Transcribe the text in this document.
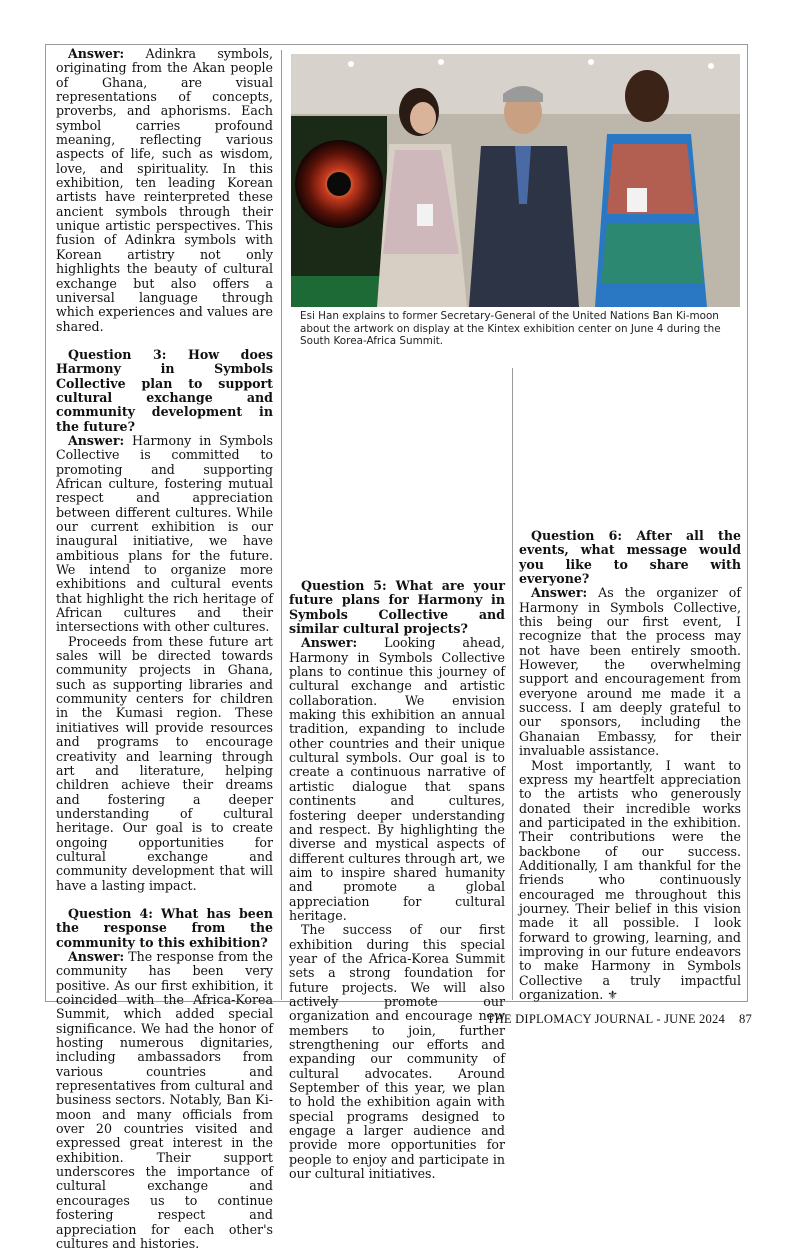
Answer: Adinkra symbols, originating from the Akan people of Ghana, are visual representations of concepts, proverbs, and aphorisms. Each symbol carries profound meaning, reflecting various aspects of life, such as wisdom, love, and spirituality. In this exhibition, ten leading Korean artists have reinterpreted these ancient symbols through their unique artistic perspectives. This fusion of Adinkra symbols with Korean artistry not only highlights the beauty of cultural exchange but also offers a universal language through which experiences and values are shared.

Question 3: How does Harmony in Symbols Collective plan to support cultural exchange and community development in the future?

Answer: Harmony in Symbols Collective is committed to promoting and supporting African culture, fostering mutual respect and appreciation between different cultures. While our current exhibition is our inaugural initiative, we have ambitious plans for the future. We intend to organize more exhibitions and cultural events that highlight the rich heritage of African cultures and their intersections with other cultures.

Proceeds from these future art sales will be directed towards community projects in Ghana, such as supporting libraries and community centers for children in the Kumasi region. These initiatives will provide resources and programs to encourage creativity and learning through art and literature, helping children achieve their dreams and fostering a deeper understanding of cultural heritage. Our goal is to create ongoing opportunities for cultural exchange and community development that will have a lasting impact.

Question 4: What has been the response from the community to this exhibition?

Answer: The response from the community has been very positive. As our first exhibition, it coincided with the Africa-Korea Summit, which added special significance. We had the honor of hosting numerous dignitaries, including ambassadors from various countries and representatives from cultural and business sectors. Notably, Ban Ki-moon and many officials from over 20 countries visited and expressed great interest in the exhibition. Their support underscores the importance of cultural exchange and encourages us to continue fostering respect and appreciation for each other's cultures and histories.

Esi Han explains to former Secretary-General of the United Nations Ban Ki-moon about the artwork on display at the Kintex exhibition center on June 4 during the South Korea-Africa Summit.

Question 5: What are your future plans for Harmony in Symbols Collective and similar cultural projects?

Answer: Looking ahead, Harmony in Symbols Collective plans to continue this journey of cultural exchange and artistic collaboration. We envision making this exhibition an annual tradition, expanding to include other countries and their unique cultural symbols. Our goal is to create a continuous narrative of artistic dialogue that spans continents and cultures, fostering deeper understanding and respect. By highlighting the diverse and mystical aspects of different cultures through art, we aim to inspire shared humanity and promote a global appreciation for cultural heritage.

The success of our first exhibition during this special year of the Africa-Korea Summit sets a strong foundation for future projects. We will also actively promote our organization and encourage new members to join, further strengthening our efforts and expanding our community of cultural advocates. Around September of this year, we plan to hold the exhibition again with special programs designed to engage a larger audience and provide more opportunities for people to enjoy and participate in our cultural initiatives.

Question 6: After all the events, what message would you like to share with everyone?

Answer: As the organizer of Harmony in Symbols Collective, this being our first event, I recognize that the process may not have been entirely smooth. However, the overwhelming support and encouragement from everyone around me made it a success. I am deeply grateful to our sponsors, including the Ghanaian Embassy, for their invaluable assistance.

Most importantly, I want to express my heartfelt appreciation to the artists who generously donated their incredible works and participated in the exhibition. Their contributions were the backbone of our success. Additionally, I am thankful for the friends who continuously encouraged me throughout this journey. Their belief in this vision made it all possible. I look forward to growing, learning, and improving in our future endeavors to make Harmony in Symbols Collective a truly impactful organization. ⚜

THE DIPLOMACY JOURNAL - JUNE 2024 87
